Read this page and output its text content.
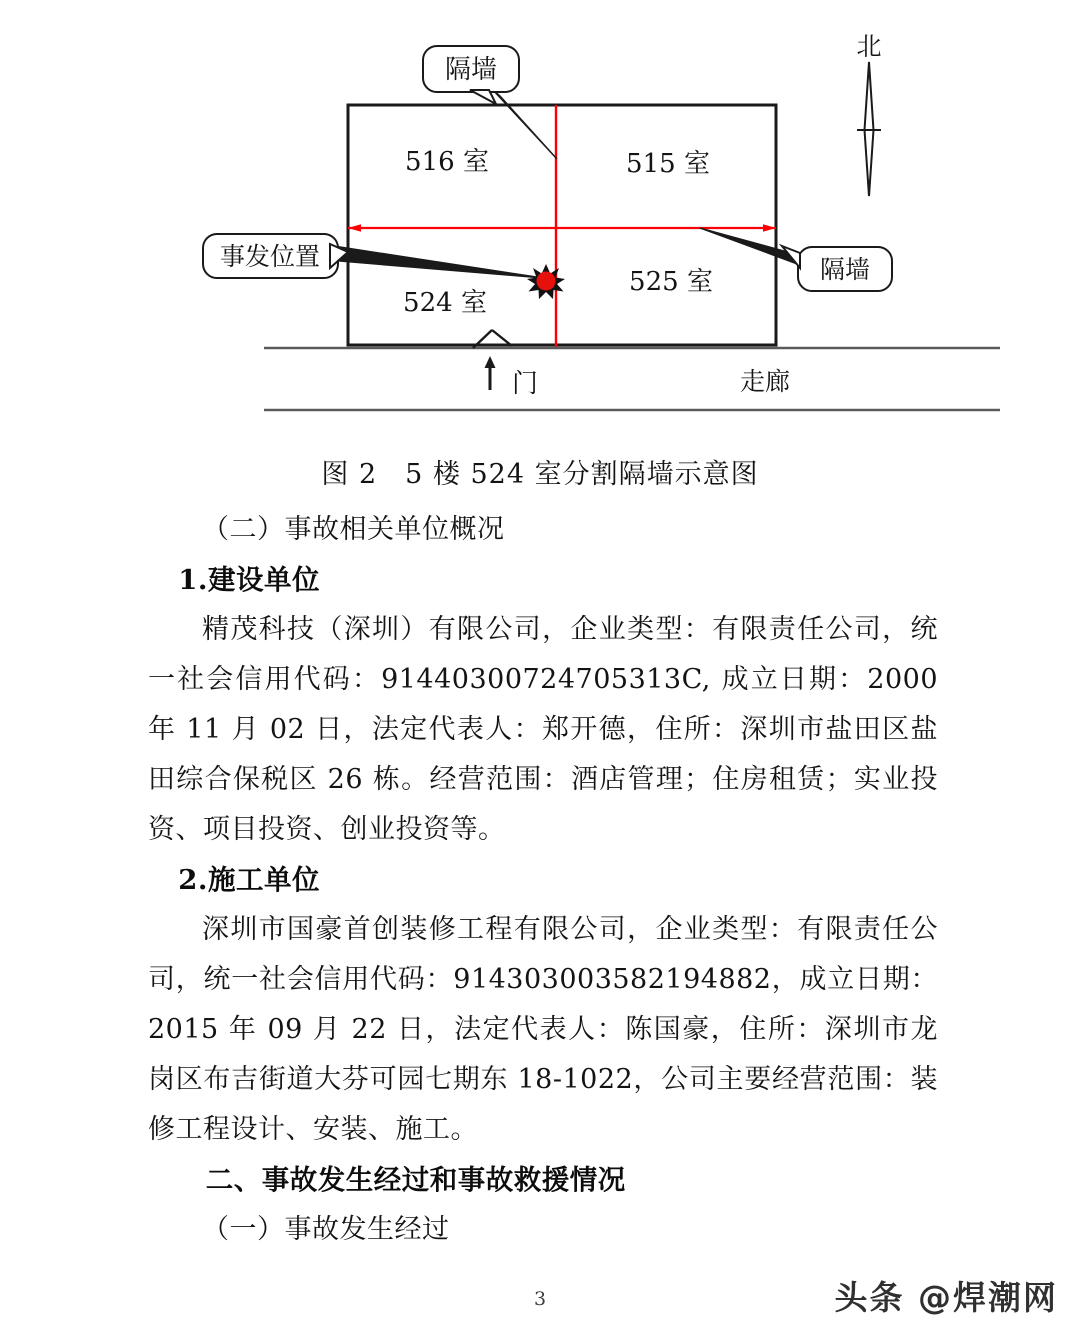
隔墙
事发位置	隔墙
516 室	515 室
524 室
525 室
北
门	走廊
图 2　5 楼 524 室分割隔墙示意图

（二）事故相关单位概况

1.建设单位

精茂科技（深圳）有限公司，企业类型：有限责任公司，统一社会信用代码：91440300724705313C, 成立日期：2000 年 11 月 02 日，法定代表人：郑开德，住所：深圳市盐田区盐田综合保税区 26 栋。经营范围：酒店管理；住房租赁；实业投资、项目投资、创业投资等。

2.施工单位

深圳市国豪首创装修工程有限公司，企业类型：有限责任公司，统一社会信用代码：914303003582194882，成立日期：2015 年 09 月 22 日，法定代表人：陈国豪，住所：深圳市龙岗区布吉街道大芬可园七期东 18-1022，公司主要经营范围：装修工程设计、安装、施工。

二、事故发生经过和事故救援情况

（一）事故发生经过

3	头条 @焊潮网
